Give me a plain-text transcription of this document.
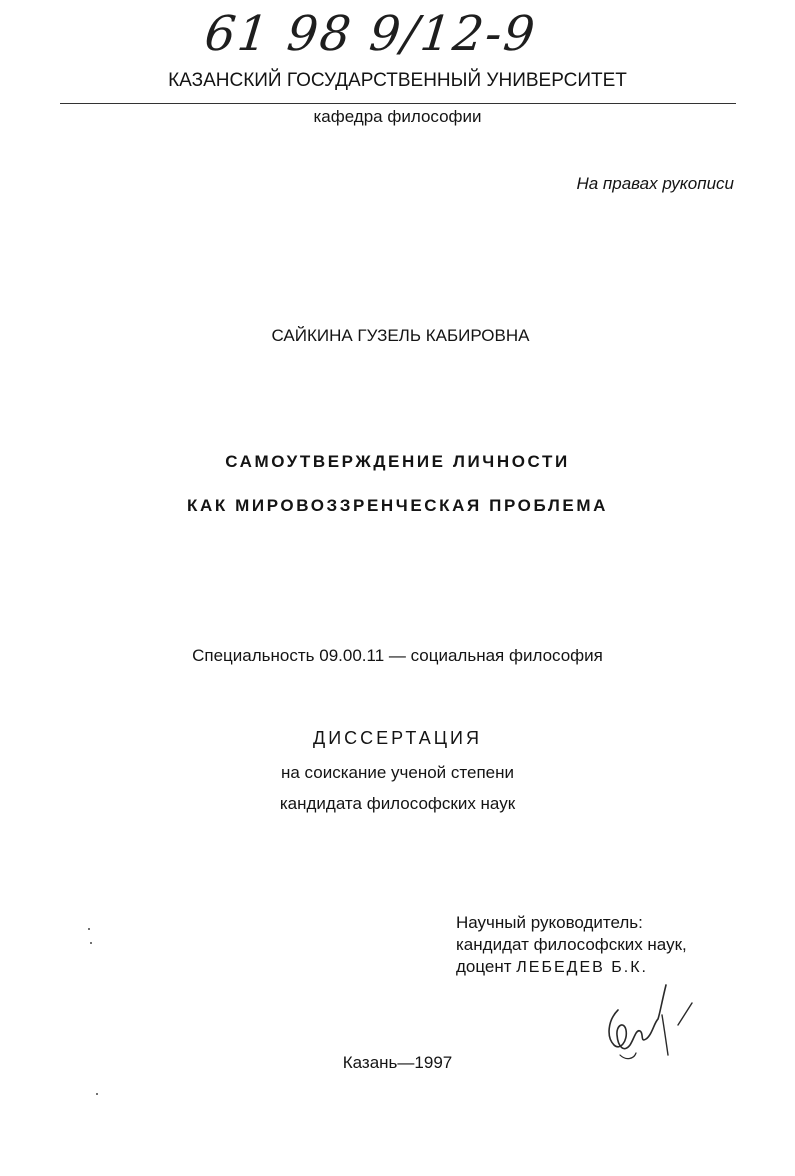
61 98 9/12-9
КАЗАНСКИЙ ГОСУДАРСТВЕННЫЙ УНИВЕРСИТЕТ
кафедра философии
На правах рукописи
САЙКИНА ГУЗЕЛЬ КАБИРОВНА
САМОУТВЕРЖДЕНИЕ ЛИЧНОСТИ
КАК МИРОВОЗЗРЕНЧЕСКАЯ ПРОБЛЕМА
Специальность 09.00.11 — социальная философия
ДИССЕРТАЦИЯ
на соискание ученой степени
кандидата философских наук
Научный руководитель:
кандидат философских наук,
доцент ЛЕБЕДЕВ Б.К.
Казань—1997
